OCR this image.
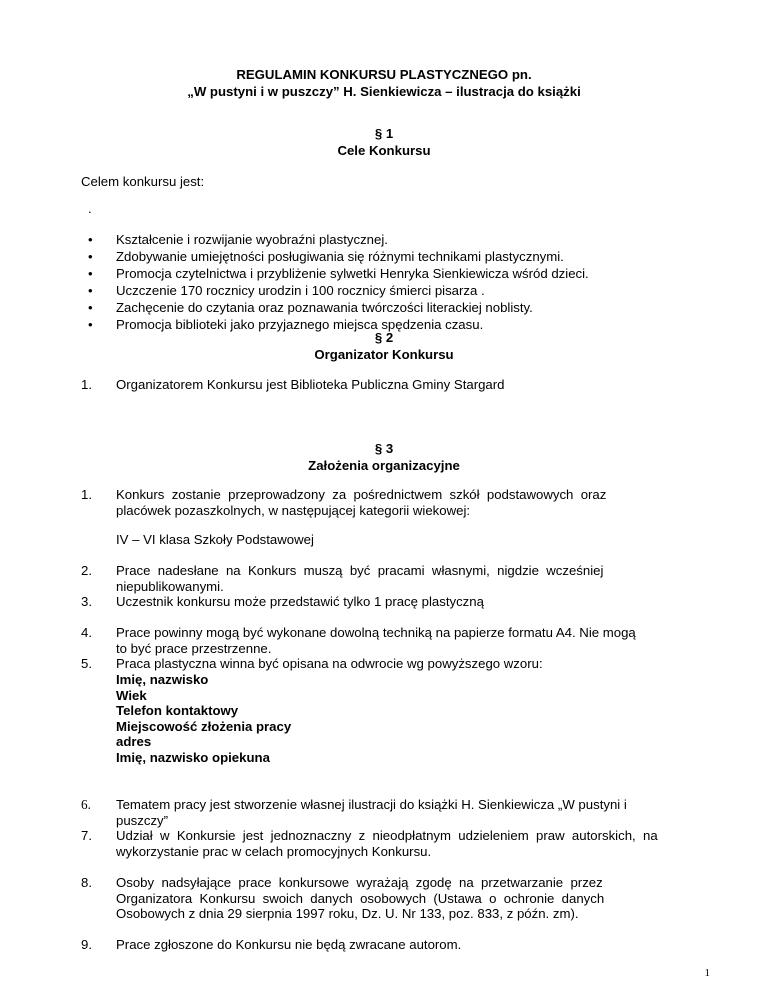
REGULAMIN KONKURSU PLASTYCZNEGO pn.
„W pustyni i w puszczy” H. Sienkiewicza – ilustracja do książki
§ 1
Cele Konkursu
Celem konkursu jest:
.
• Kształcenie i rozwijanie wyobraźni plastycznej.
• Zdobywanie umiejętności posługiwania się różnymi technikami plastycznymi.
• Promocja czytelnictwa i przybliżenie sylwetki Henryka Sienkiewicza wśród dzieci.
• Uczczenie 170 rocznicy urodzin i 100 rocznicy śmierci pisarza .
• Zachęcenie do czytania oraz poznawania twórczości literackiej noblisty.
• Promocja biblioteki jako przyjaznego miejsca spędzenia czasu.
§ 2
Organizator Konkursu
1.	Organizatorem Konkursu jest Biblioteka Publiczna Gminy Stargard
§ 3
Założenia organizacyjne
1.	Konkurs  zostanie  przeprowadzony  za  pośrednictwem  szkół  podstawowych  oraz
placówek pozaszkolnych, w następującej kategorii wiekowej:
IV – VI klasa Szkoły Podstawowej
2.	Prace  nadesłane  na  Konkurs  muszą  być  pracami  własnymi,  nigdzie  wcześniej
niepublikowanymi.
3.	Uczestnik konkursu może przedstawić tylko 1 pracę plastyczną
4.	Prace powinny mogą być wykonane dowolną techniką na papierze formatu A4. Nie mogą
to być prace przestrzenne.
5.	Praca plastyczna winna być opisana na odwrocie wg powyższego wzoru:
Imię, nazwisko
Wiek
Telefon kontaktowy
Miejscowość złożenia pracy
adres
Imię, nazwisko opiekuna
6.	Tematem pracy jest stworzenie własnej ilustracji do książki H. Sienkiewicza „W pustyni i
puszczy”
7.	Udział  w  Konkursie  jest  jednoznaczny  z  nieodpłatnym  udzieleniem  praw  autorskich,  na
wykorzystanie prac w celach promocyjnych Konkursu.
8.	Osoby  nadsyłające  prace  konkursowe  wyrażają  zgodę  na  przetwarzanie  przez
Organizatora  Konkursu  swoich  danych  osobowych  (Ustawa  o  ochronie  danych
Osobowych z dnia 29 sierpnia 1997 roku, Dz. U. Nr 133, poz. 833, z późn. zm).
9.	Prace zgłoszone do Konkursu nie będą zwracane autorom.
1
